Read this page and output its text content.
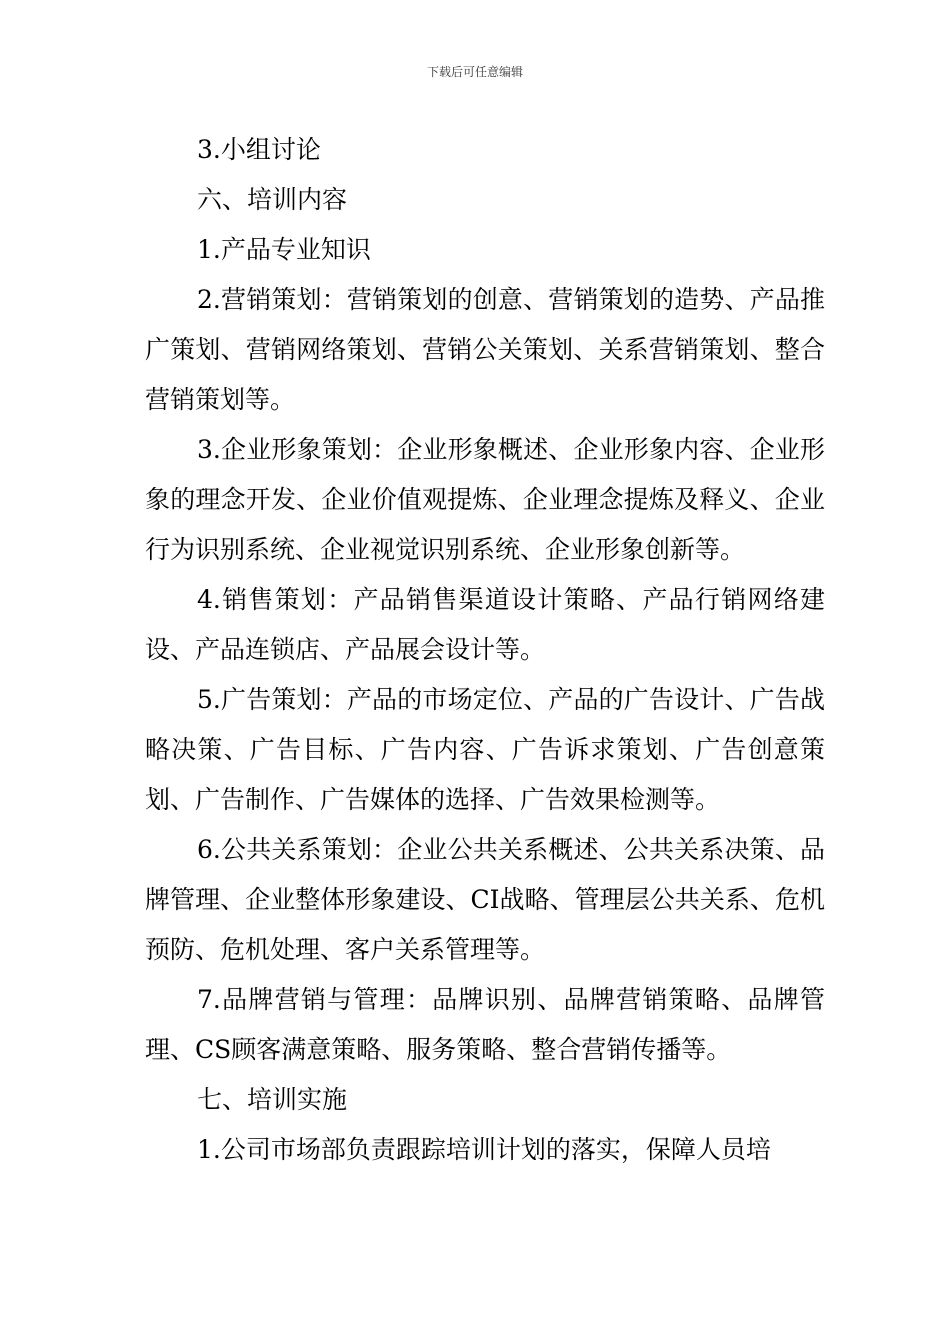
下载后可任意编辑

3.小组讨论

六、培训内容

1.产品专业知识

2.营销策划：营销策划的创意、营销策划的造势、产品推广策划、营销网络策划、营销公关策划、关系营销策划、整合营销策划等。

3.企业形象策划：企业形象概述、企业形象内容、企业形象的理念开发、企业价值观提炼、企业理念提炼及释义、企业行为识别系统、企业视觉识别系统、企业形象创新等。

4.销售策划：产品销售渠道设计策略、产品行销网络建设、产品连锁店、产品展会设计等。

5.广告策划：产品的市场定位、产品的广告设计、广告战略决策、广告目标、广告内容、广告诉求策划、广告创意策划、广告制作、广告媒体的选择、广告效果检测等。

6.公共关系策划：企业公共关系概述、公共关系决策、品牌管理、企业整体形象建设、CI战略、管理层公共关系、危机预防、危机处理、客户关系管理等。

7.品牌营销与管理：品牌识别、品牌营销策略、品牌管理、CS顾客满意策略、服务策略、整合营销传播等。

七、培训实施

1.公司市场部负责跟踪培训计划的落实，保障人员培
